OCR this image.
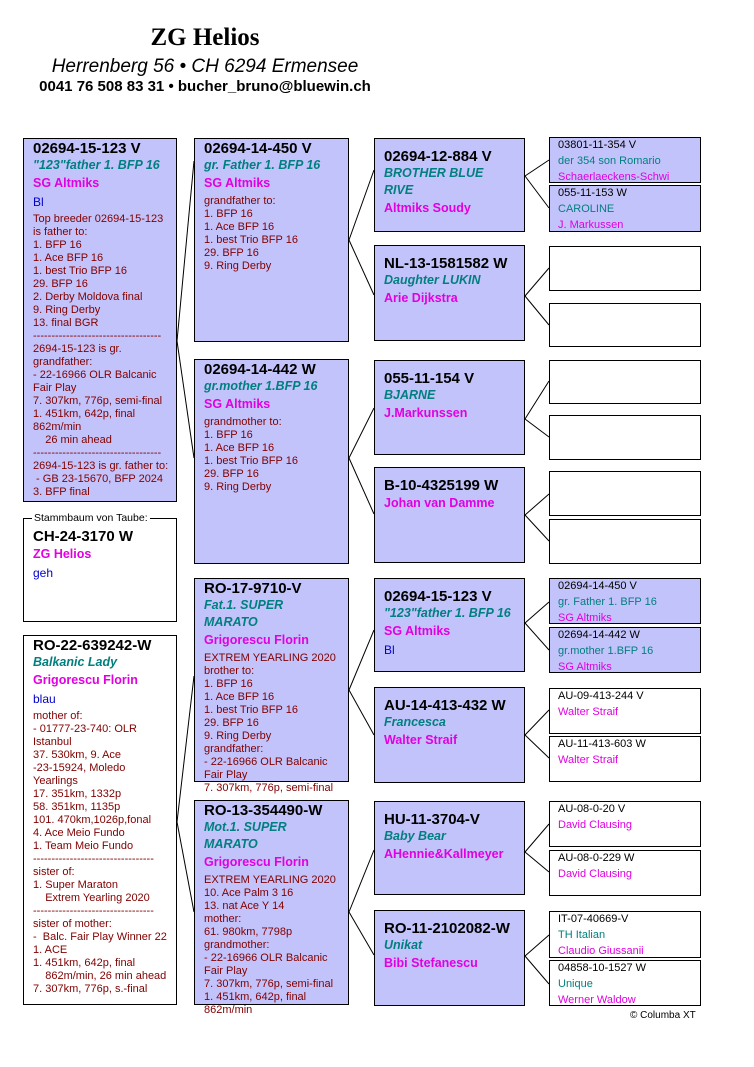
ZG Helios
Herrenberg 56 • CH 6294 Ermensee
0041 76 508 83 31 • bucher_bruno@bluewin.ch
02694-15-123 V
"123"father 1. BFP 16
SG Altmiks
Bl
Top breeder 02694-15-123
is father to:
1. BFP 16
1. Ace BFP 16
1. best Trio BFP 16
29. BFP 16
2. Derby Moldova final
9. Ring Derby
13. final BGR
-----------------------------------
2694-15-123 is gr.
grandfather:
- 22-16966 OLR Balcanic
Fair Play
7. 307km, 776p, semi-final
1. 451km, 642p, final
862m/min
26 min ahead
-----------------------------------
2694-15-123 is gr. father to:
- GB 23-15670, BFP 2024
3. BFP final
CH-24-3170 W
ZG Helios
geh
Stammbaum von Taube:
RO-22-639242-W
Balkanic Lady
Grigorescu Florin
blau
mother of:
- 01777-23-740: OLR
Istanbul
37. 530km, 9. Ace
-23-15924, Moledo
Yearlings
17. 351km, 1332p
58. 351km, 1135p
101. 470km,1026p,fonal
4. Ace Meio Fundo
1. Team Meio Fundo
---------------------------------
sister of:
1. Super Maraton
Extrem Yearling 2020
---------------------------------
sister of mother:
-  Balc. Fair Play Winner 22
1. ACE
1. 451km, 642p, final
862m/min, 26 min ahead
7. 307km, 776p, s.-final
02694-14-450 V
gr. Father 1. BFP 16
SG Altmiks
grandfather to:
1. BFP 16
1. Ace BFP 16
1. best Trio BFP 16
29. BFP 16
9. Ring Derby
02694-14-442 W
gr.mother 1.BFP 16
SG Altmiks
grandmother to:
1. BFP 16
1. Ace BFP 16
1. best Trio BFP 16
29. BFP 16
9. Ring Derby
RO-17-9710-V
Fat.1. SUPER MARATO
Grigorescu Florin
EXTREM YEARLING 2020
brother to:
1. BFP 16
1. Ace BFP 16
1. best Trio BFP 16
29. BFP 16
9. Ring Derby
grandfather:
- 22-16966 OLR Balcanic
Fair Play
7. 307km, 776p, semi-final
RO-13-354490-W
Mot.1. SUPER MARATO
Grigorescu Florin
EXTREM YEARLING 2020
10. Ace Palm 3 16
13. nat Ace Y 14
mother:
61. 980km, 7798p
grandmother:
- 22-16966 OLR Balcanic
Fair Play
7. 307km, 776p, semi-final
1. 451km, 642p, final
862m/min
02694-12-884 V
BROTHER BLUE RIVE
Altmiks Soudy
NL-13-1581582 W
Daughter LUKIN
Arie Dijkstra
055-11-154 V
BJARNE
J.Markunssen
B-10-4325199 W
Johan van Damme
02694-15-123 V
"123"father 1. BFP 16
SG Altmiks
Bl
AU-14-413-432 W
Francesca
Walter Straif
HU-11-3704-V
Baby Bear
AHennie&Kallmeyer
RO-11-2102082-W
Unikat
Bibi Stefanescu
03801-11-354 V
der 354 son Romario
Schaerlaeckens-Schwi
055-11-153 W
CAROLINE
J. Markussen
02694-14-450 V
gr. Father 1. BFP 16
SG Altmiks
02694-14-442 W
gr.mother 1.BFP 16
SG Altmiks
AU-09-413-244 V
Walter Straif
AU-11-413-603 W
Walter Straif
AU-08-0-20 V
David Clausing
AU-08-0-229 W
David Clausing
IT-07-40669-V
TH Italian
Claudio Giussanii
04858-10-1527 W
Unique
Werner Waldow
© Columba XT
